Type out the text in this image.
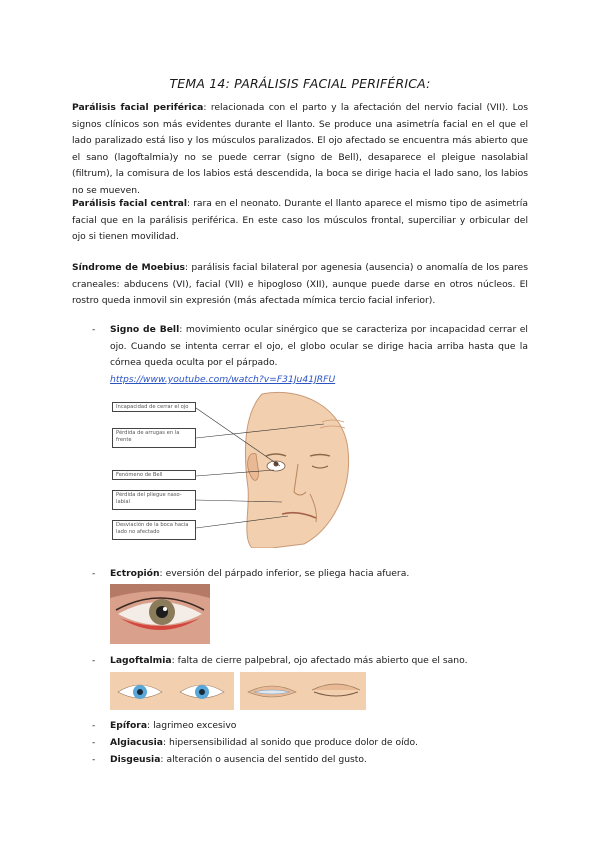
TEMA 14: PARÁLISIS FACIAL PERIFÉRICA:

Parálisis facial periférica: relacionada con el parto y la afectación del nervio facial (VII). Los signos clínicos son más evidentes durante el llanto. Se produce una asimetría facial en el que el lado paralizado está liso y los músculos paralizados. El ojo afectado se encuentra más abierto que el sano (lagoftalmia)y no se puede cerrar (signo de Bell), desaparece el pleigue nasolabial (filtrum), la comisura de los labios está descendida, la boca se dirige hacia el lado sano, los labios no se mueven.

Parálisis facial central: rara en el neonato. Durante el llanto aparece el mismo tipo de asimetría facial que en la parálisis periférica. En este caso los músculos frontal, superciliar y orbicular del ojo si tienen movilidad.

Síndrome de Moebius: parálisis facial bilateral por agenesia (ausencia) o anomalía de los pares craneales: abducens (VI), facial (VII) e hipogloso (XII), aunque puede darse en otros núcleos. El rostro queda inmovil sin expresión (más afectada mímica tercio facial inferior).

- Signo de Bell: movimiento ocular sinérgico que se caracteriza por incapacidad cerrar el ojo. Cuando se intenta cerrar el ojo, el globo ocular se dirige hacia arriba hasta que la córnea queda oculta por el párpado.
https://www.youtube.com/watch?v=F31Ju41JRFU
Incapacidad de cerrar el ojo
Pérdida de arrugas en la frente
Fenómeno de Bell
Pérdida del pliegue naso-labial
Desviación de la boca hacia lado no afectado
- Ectropión: eversión del párpado inferior, se pliega hacia afuera.
- Lagoftalmia: falta de cierre palpebral, ojo afectado más abierto que el sano.
- Epífora: lagrimeo excesivo
- Algiacusia: hipersensibilidad al sonido que produce dolor de oído.
- Disgeusia: alteración o ausencia del sentido del gusto.
